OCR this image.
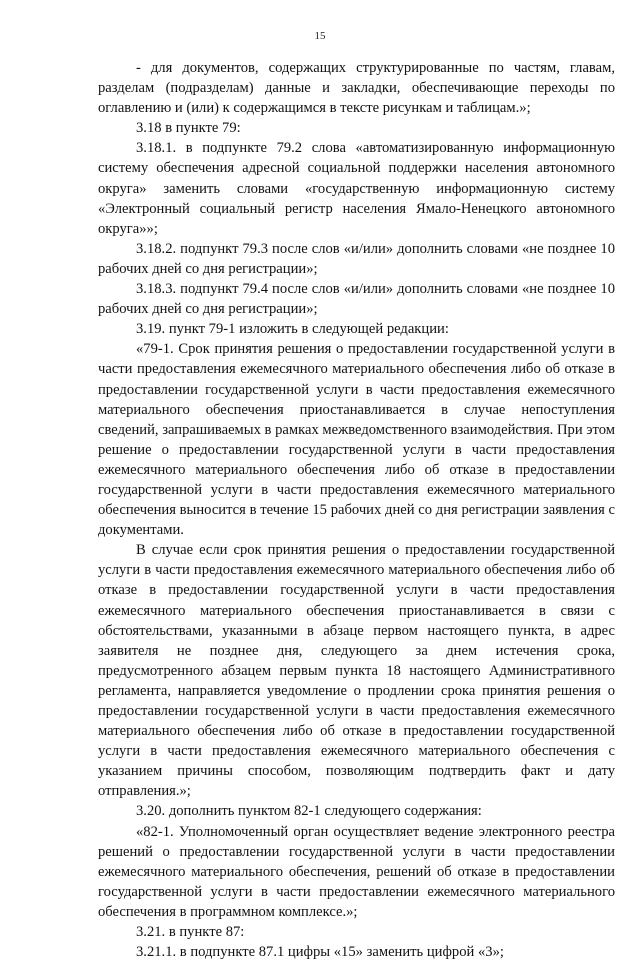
15

- для документов, содержащих структурированные по частям, главам, разделам (подразделам) данные и закладки, обеспечивающие переходы по оглавлению и (или) к содержащимся в тексте рисункам и таблицам.»;

3.18 в пункте 79:

3.18.1. в подпункте 79.2 слова «автоматизированную информационную систему обеспечения адресной социальной поддержки населения автономного округа» заменить словами «государственную информационную систему «Электронный социальный регистр населения Ямало-Ненецкого автономного округа»»;

3.18.2. подпункт 79.3 после слов «и/или» дополнить словами «не позднее 10 рабочих дней со дня регистрации»;

3.18.3. подпункт 79.4 после слов «и/или» дополнить словами «не позднее 10 рабочих дней со дня регистрации»;

3.19. пункт 79-1 изложить в следующей редакции:

«79-1. Срок принятия решения о предоставлении государственной услуги в части предоставления ежемесячного материального обеспечения либо об отказе в предоставлении государственной услуги в части предоставления ежемесячного материального обеспечения приостанавливается в случае непоступления сведений, запрашиваемых в рамках межведомственного взаимодействия. При этом решение о предоставлении государственной услуги в части предоставления ежемесячного материального обеспечения либо об отказе в предоставлении государственной услуги в части предоставления ежемесячного материального обеспечения выносится в течение 15 рабочих дней со дня регистрации заявления с документами.

В случае если срок принятия решения о предоставлении государственной услуги в части предоставления ежемесячного материального обеспечения либо об отказе в предоставлении государственной услуги в части предоставления ежемесячного материального обеспечения приостанавливается в связи с обстоятельствами, указанными в абзаце первом настоящего пункта, в адрес заявителя не позднее дня, следующего за днем истечения срока, предусмотренного абзацем первым пункта 18 настоящего Административного регламента, направляется уведомление о продлении срока принятия решения о предоставлении государственной услуги в части предоставления ежемесячного материального обеспечения либо об отказе в предоставлении государственной услуги в части предоставления ежемесячного материального обеспечения с указанием причины способом, позволяющим подтвердить факт и дату отправления.»;

3.20. дополнить пунктом 82-1 следующего содержания:

«82-1. Уполномоченный орган осуществляет ведение электронного реестра решений о предоставлении государственной услуги в части предоставлении ежемесячного материального обеспечения, решений об отказе в предоставлении государственной услуги в части предоставлении ежемесячного материального обеспечения в программном комплексе.»;

3.21. в пункте 87:

3.21.1. в подпункте 87.1 цифры «15» заменить цифрой «3»;
